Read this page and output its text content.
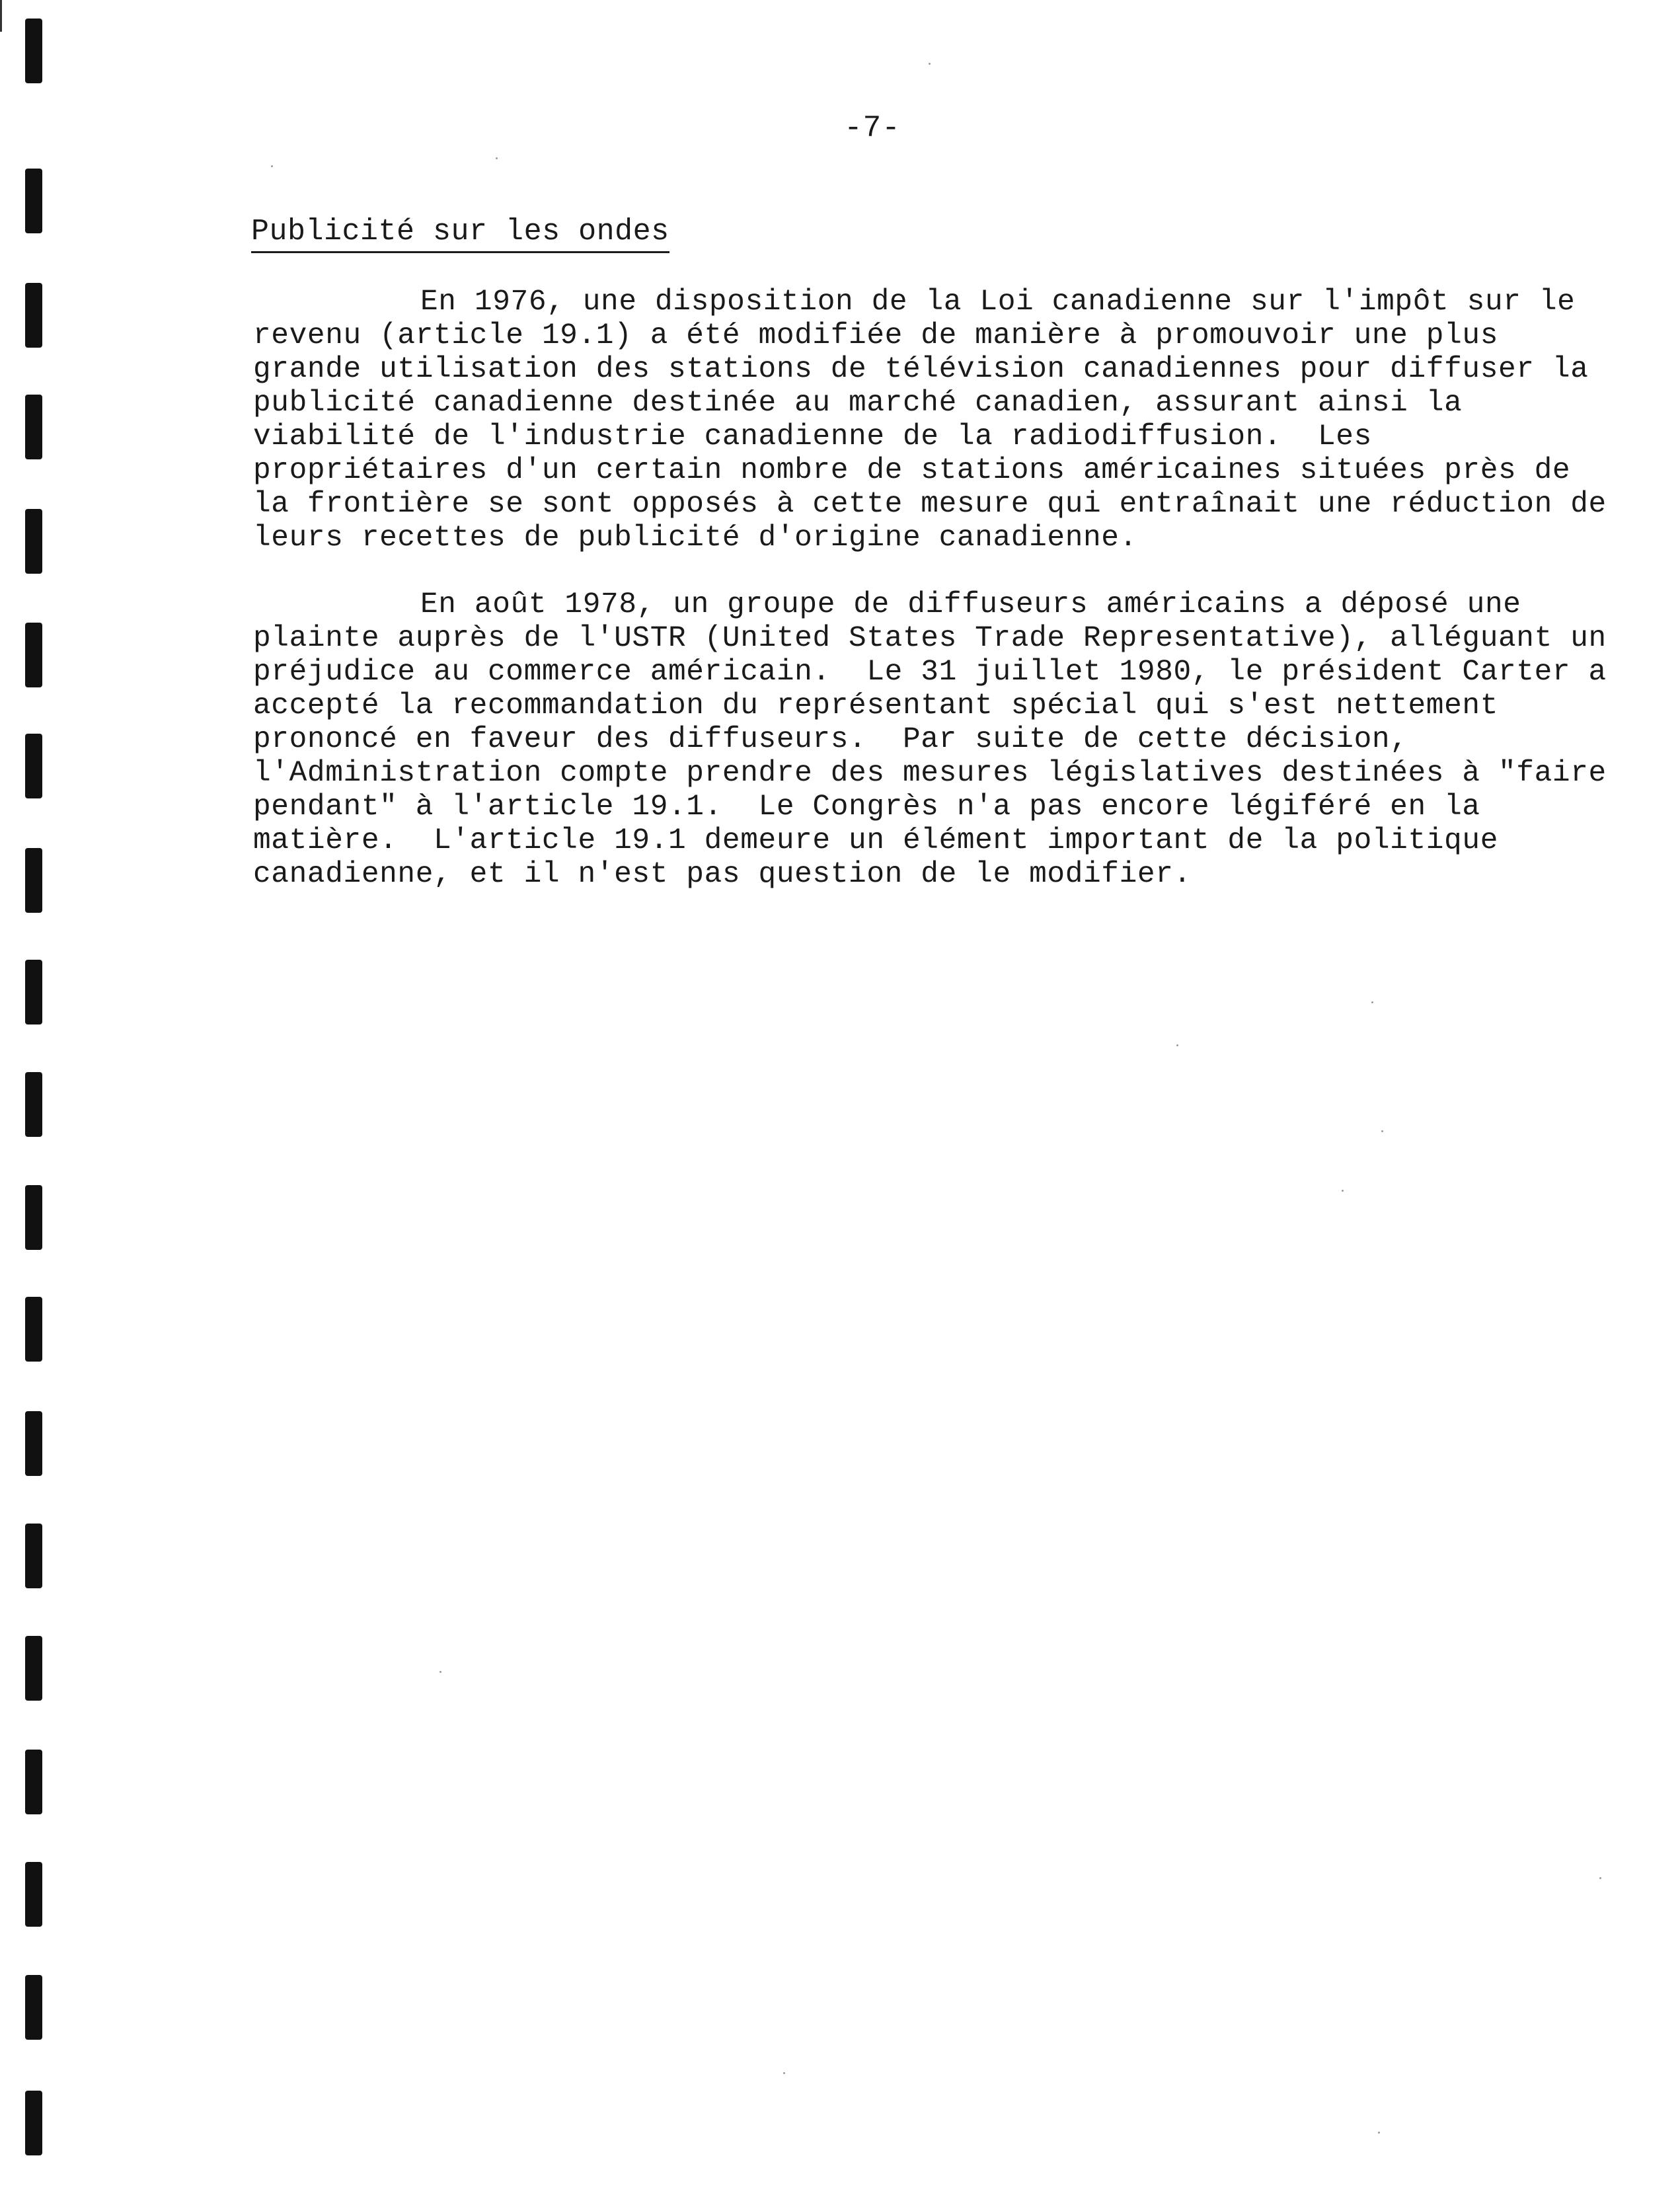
-7-
Publicité sur les ondes
En 1976, une disposition de la Loi canadienne sur l'impôt sur le
revenu (article 19.1) a été modifiée de manière à promouvoir une plus
grande utilisation des stations de télévision canadiennes pour diffuser la
publicité canadienne destinée au marché canadien, assurant ainsi la
viabilité de l'industrie canadienne de la radiodiffusion.  Les
propriétaires d'un certain nombre de stations américaines situées près de
la frontière se sont opposés à cette mesure qui entraînait une réduction de
leurs recettes de publicité d'origine canadienne.
En août 1978, un groupe de diffuseurs américains a déposé une
plainte auprès de l'USTR (United States Trade Representative), alléguant un
préjudice au commerce américain.  Le 31 juillet 1980, le président Carter a
accepté la recommandation du représentant spécial qui s'est nettement
prononcé en faveur des diffuseurs.  Par suite de cette décision,
l'Administration compte prendre des mesures législatives destinées à "faire
pendant" à l'article 19.1.  Le Congrès n'a pas encore légiféré en la
matière.  L'article 19.1 demeure un élément important de la politique
canadienne, et il n'est pas question de le modifier.
